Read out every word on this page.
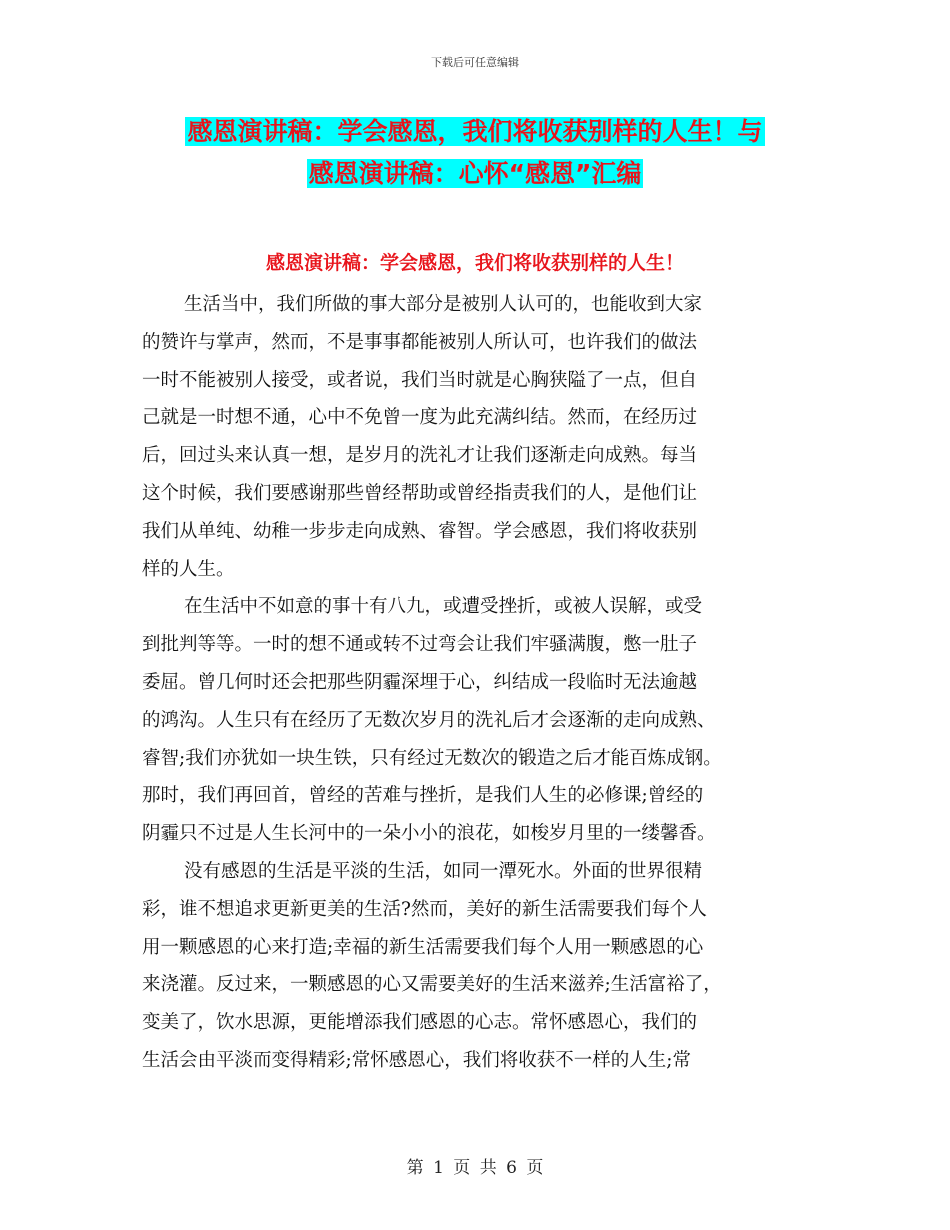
下载后可任意编辑
感恩演讲稿：学会感恩，我们将收获别样的人生！与
感恩演讲稿：心怀“感恩”汇编
感恩演讲稿：学会感恩，我们将收获别样的人生！
生活当中，我们所做的事大部分是被别人认可的，也能收到大家
的赞许与掌声，然而，不是事事都能被别人所认可，也许我们的做法
一时不能被别人接受，或者说，我们当时就是心胸狭隘了一点，但自
己就是一时想不通，心中不免曾一度为此充满纠结。然而，在经历过
后，回过头来认真一想，是岁月的洗礼才让我们逐渐走向成熟。每当
这个时候，我们要感谢那些曾经帮助或曾经指责我们的人，是他们让
我们从单纯、幼稚一步步走向成熟、睿智。学会感恩，我们将收获别
样的人生。
在生活中不如意的事十有八九，或遭受挫折，或被人误解，或受
到批判等等。一时的想不通或转不过弯会让我们牢骚满腹，憋一肚子
委屈。曾几何时还会把那些阴霾深埋于心，纠结成一段临时无法逾越
的鸿沟。人生只有在经历了无数次岁月的洗礼后才会逐渐的走向成熟、
睿智;我们亦犹如一块生铁，只有经过无数次的锻造之后才能百炼成钢。
那时，我们再回首，曾经的苦难与挫折，是我们人生的必修课;曾经的
阴霾只不过是人生长河中的一朵小小的浪花，如梭岁月里的一缕馨香。
没有感恩的生活是平淡的生活，如同一潭死水。外面的世界很精
彩，谁不想追求更新更美的生活?然而，美好的新生活需要我们每个人
用一颗感恩的心来打造;幸福的新生活需要我们每个人用一颗感恩的心
来浇灌。反过来，一颗感恩的心又需要美好的生活来滋养;生活富裕了，
变美了，饮水思源，更能增添我们感恩的心志。常怀感恩心，我们的
生活会由平淡而变得精彩;常怀感恩心，我们将收获不一样的人生;常
第 1 页 共 6 页
